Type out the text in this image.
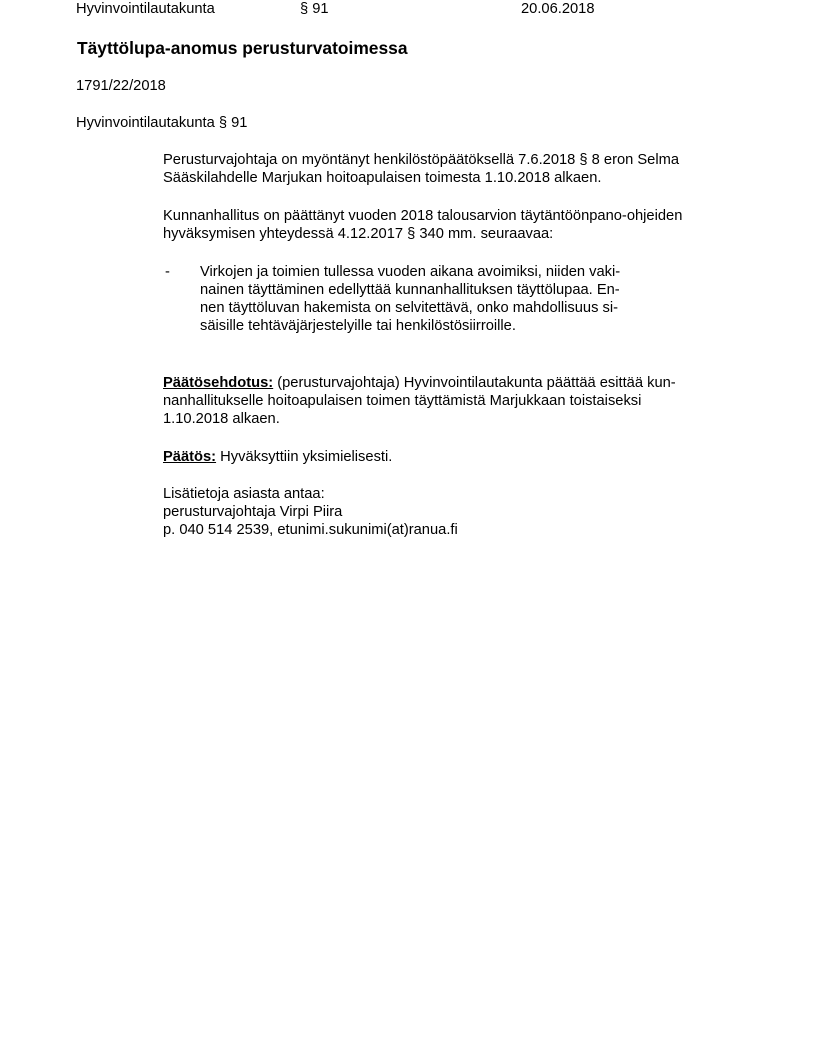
Hyvinvointilautakunta	§ 91	20.06.2018
Täyttölupa-anomus perusturvatoimessa
1791/22/2018
Hyvinvointilautakunta § 91
Perusturvajohtaja on myöntänyt henkilöstöpäätöksellä 7.6.2018 § 8 eron Selma
Sääskilahdelle Marjukan hoitoapulaisen toimesta 1.10.2018 alkaen.
Kunnanhallitus on päättänyt vuoden 2018 talousarvion täytäntöönpano-ohjeiden
hyväksymisen yhteydessä 4.12.2017 § 340 mm. seuraavaa:
- Virkojen ja toimien tullessa vuoden aikana avoimiksi, niiden vaki-
nainen täyttäminen edellyttää kunnanhallituksen täyttölupaa. En-
nen täyttöluvan hakemista on selvitettävä, onko mahdollisuus si-
säisille tehtäväjärjestelyille tai henkilöstösiirroille.
Päätösehdotus: (perusturvajohtaja) Hyvinvointilautakunta päättää esittää kun-
nanhallitukselle hoitoapulaisen toimen täyttämistä Marjukkaan toistaiseksi
1.10.2018 alkaen.
Päätös: Hyväksyttiin yksimielisesti.
Lisätietoja asiasta antaa:
perusturvajohtaja Virpi Piira
p. 040 514 2539, etunimi.sukunimi(at)ranua.fi
